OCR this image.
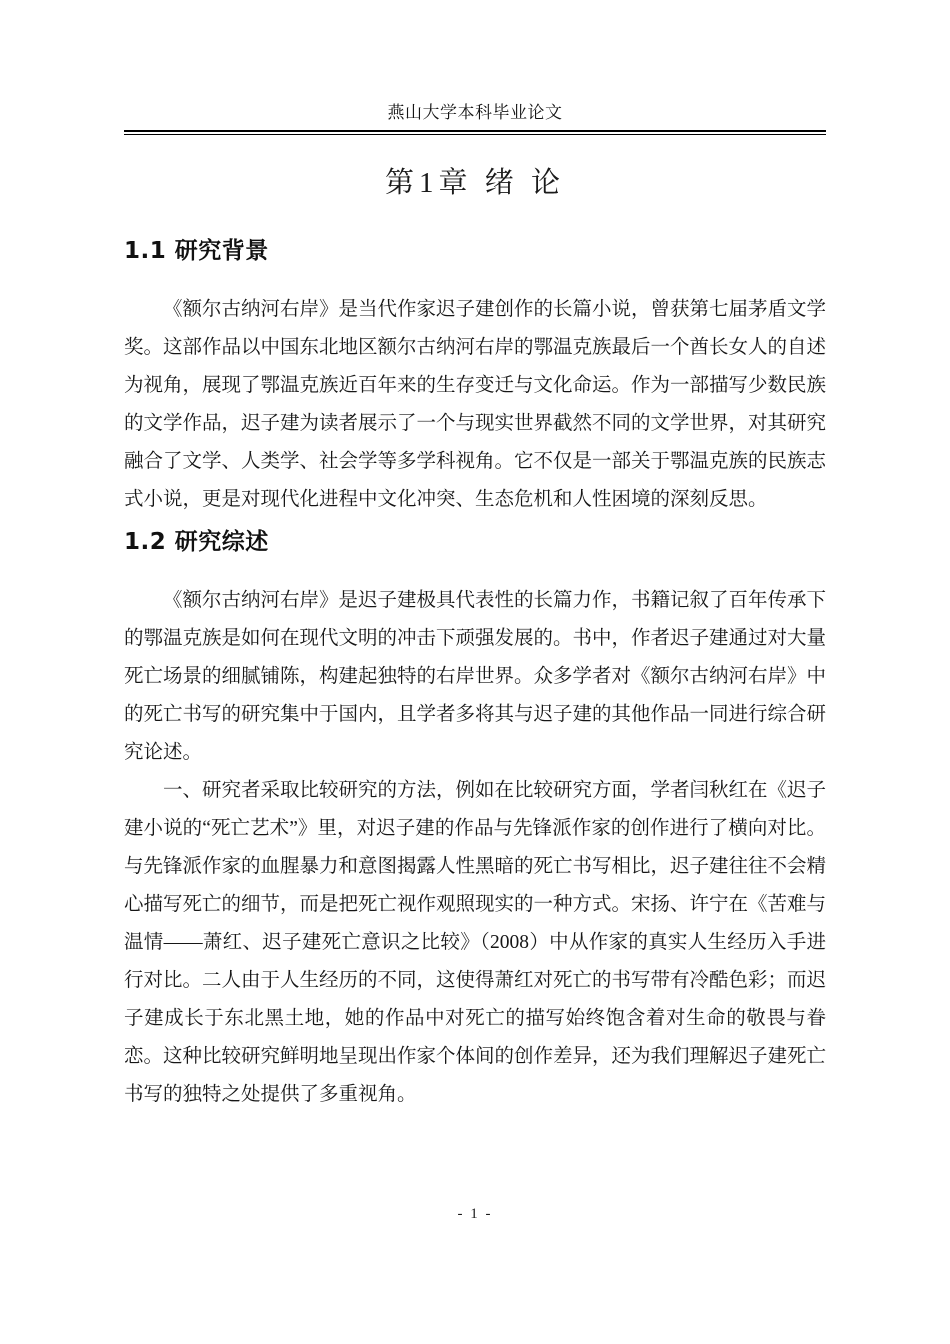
燕山大学本科毕业论文
第1章 绪 论
1.1 研究背景

《额尔古纳河右岸》是当代作家迟子建创作的长篇小说，曾获第七届茅盾文学奖。这部作品以中国东北地区额尔古纳河右岸的鄂温克族最后一个酋长女人的自述为视角，展现了鄂温克族近百年来的生存变迁与文化命运。作为一部描写少数民族的文学作品，迟子建为读者展示了一个与现实世界截然不同的文学世界，对其研究融合了文学、人类学、社会学等多学科视角。它不仅是一部关于鄂温克族的民族志式小说，更是对现代化进程中文化冲突、生态危机和人性困境的深刻反思。

1.2 研究综述

《额尔古纳河右岸》是迟子建极具代表性的长篇力作，书籍记叙了百年传承下的鄂温克族是如何在现代文明的冲击下顽强发展的。书中，作者迟子建通过对大量死亡场景的细腻铺陈，构建起独特的右岸世界。众多学者对《额尔古纳河右岸》中的死亡书写的研究集中于国内，且学者多将其与迟子建的其他作品一同进行综合研究论述。

一、研究者采取比较研究的方法，例如在比较研究方面，学者闫秋红在《迟子建小说的“死亡艺术”》里，对迟子建的作品与先锋派作家的创作进行了横向对比。与先锋派作家的血腥暴力和意图揭露人性黑暗的死亡书写相比，迟子建往往不会精心描写死亡的细节，而是把死亡视作观照现实的一种方式。宋扬、许宁在《苦难与温情——萧红、迟子建死亡意识之比较》（2008）中从作家的真实人生经历入手进行对比。二人由于人生经历的不同，这使得萧红对死亡的书写带有冷酷色彩；而迟子建成长于东北黑土地，她的作品中对死亡的描写始终饱含着对生命的敬畏与眷恋。这种比较研究鲜明地呈现出作家个体间的创作差异，还为我们理解迟子建死亡书写的独特之处提供了多重视角。

- 1 -
